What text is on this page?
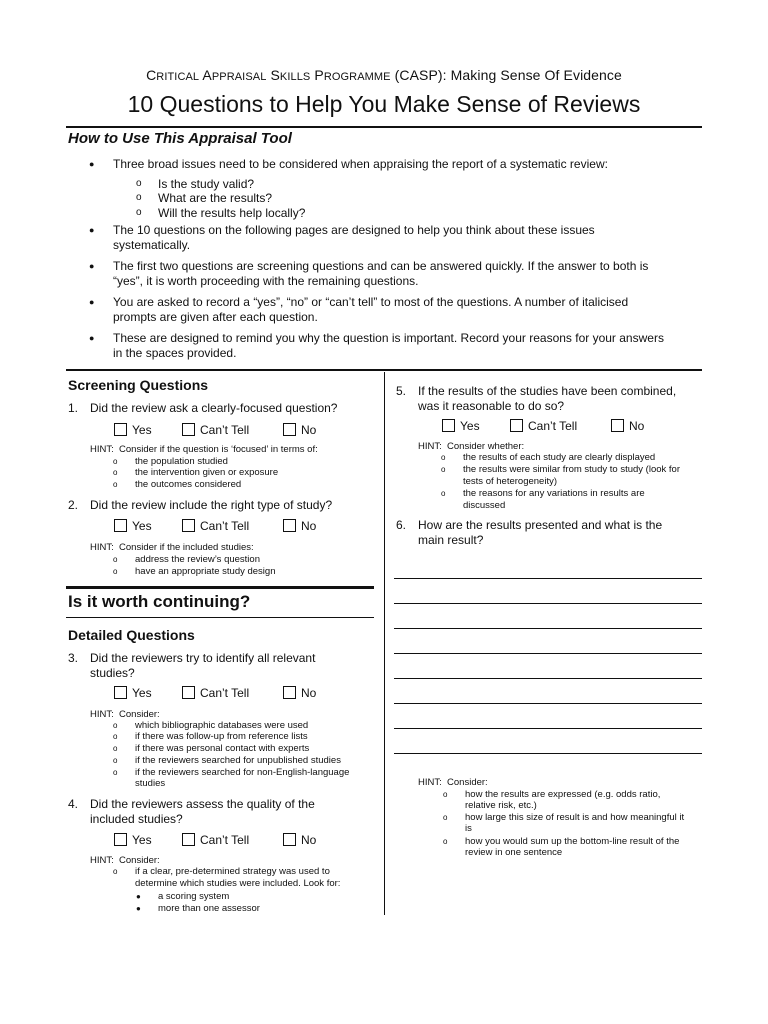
CRITICAL APPRAISAL SKILLS PROGRAMME (CASP): Making Sense Of Evidence
10 Questions to Help You Make Sense of Reviews
How to Use This Appraisal Tool
● Three broad issues need to be considered when appraising the report of a systematic review:
o Is the study valid?
o What are the results?
o Will the results help locally?
● The 10 questions on the following pages are designed to help you think about these issues
systematically.
● The first two questions are screening questions and can be answered quickly. If the answer to both is
“yes”, it is worth proceeding with the remaining questions.
● You are asked to record a “yes”, “no” or “can’t tell” to most of the questions. A number of italicised
prompts are given after each question.
● These are designed to remind you why the question is important. Record your reasons for your answers
in the spaces provided.
Screening Questions
1. Did the review ask a clearly-focused question?
Yes	Can’t Tell	No
HINT: Consider if the question is ‘focused’ in terms of:
o the population studied
o the intervention given or exposure
o the outcomes considered
2. Did the review include the right type of study?
Yes	Can’t Tell	No
HINT: Consider if the included studies:
o address the review’s question
o have an appropriate study design
Is it worth continuing?
Detailed Questions
3. Did the reviewers try to identify all relevant
studies?
Yes	Can’t Tell	No
HINT: Consider:
o which bibliographic databases were used
o if there was follow-up from reference lists
o if there was personal contact with experts
o if the reviewers searched for unpublished studies
o if the reviewers searched for non-English-language
studies
4. Did the reviewers assess the quality of the
included studies?
Yes	Can’t Tell	No
HINT: Consider:
o if a clear, pre-determined strategy was used to
determine which studies were included. Look for:
● a scoring system
● more than one assessor
5. If the results of the studies have been combined,
was it reasonable to do so?
Yes	Can’t Tell	No
HINT: Consider whether:
o the results of each study are clearly displayed
o the results were similar from study to study (look for
tests of heterogeneity)
o the reasons for any variations in results are
discussed
6. How are the results presented and what is the
main result?
HINT: Consider:
o how the results are expressed (e.g. odds ratio,
relative risk, etc.)
o how large this size of result is and how meaningful it
is
o how you would sum up the bottom-line result of the
review in one sentence
